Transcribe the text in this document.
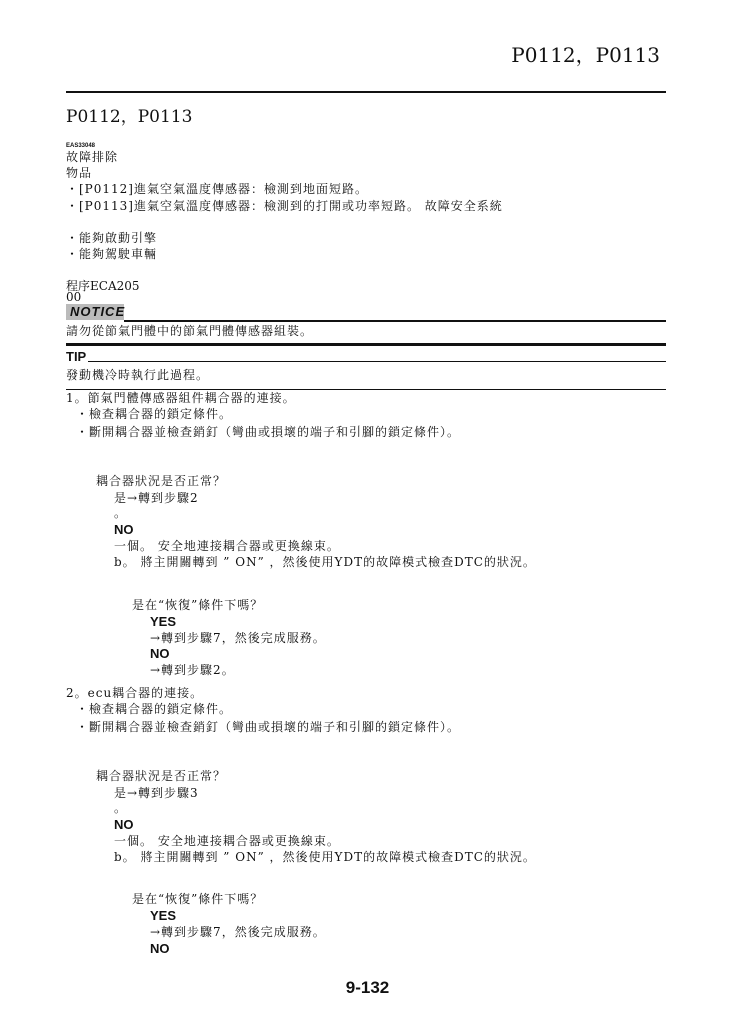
P0112，P0113
P0112，P0113
EAS33048
故障排除
物品
・[P0112]進氣空氣溫度傳感器：檢測到地面短路。
・[P0113]進氣空氣溫度傳感器：檢測到的打開或功率短路。 故障安全系統
・能夠啟動引擎
・能夠駕駛車輛
程序ECA205
00
NOTICE
請勿從節氣門體中的節氣門體傳感器組裝。
TIP
發動機冷時執行此過程。
1。節氣門體傳感器組件耦合器的連接。
・檢查耦合器的鎖定條件。
・斷開耦合器並檢查銷釘（彎曲或損壞的端子和引腳的鎖定條件）。
耦合器狀況是否正常？
是→轉到步驟2
。
NO
一個。 安全地連接耦合器或更換線束。
b。 將主開關轉到 ” ON” ，然後使用YDT的故障模式檢查DTC的狀況。
是在“恢復”條件下嗎？
YES
→轉到步驟7，然後完成服務。
NO
→轉到步驟2。
2。ecu耦合器的連接。
・檢查耦合器的鎖定條件。
・斷開耦合器並檢查銷釘（彎曲或損壞的端子和引腳的鎖定條件）。
耦合器狀況是否正常？
是→轉到步驟3
。
NO
一個。 安全地連接耦合器或更換線束。
b。 將主開關轉到 ” ON” ，然後使用YDT的故障模式檢查DTC的狀況。
是在“恢復”條件下嗎？
YES
→轉到步驟7，然後完成服務。
NO
9-132
